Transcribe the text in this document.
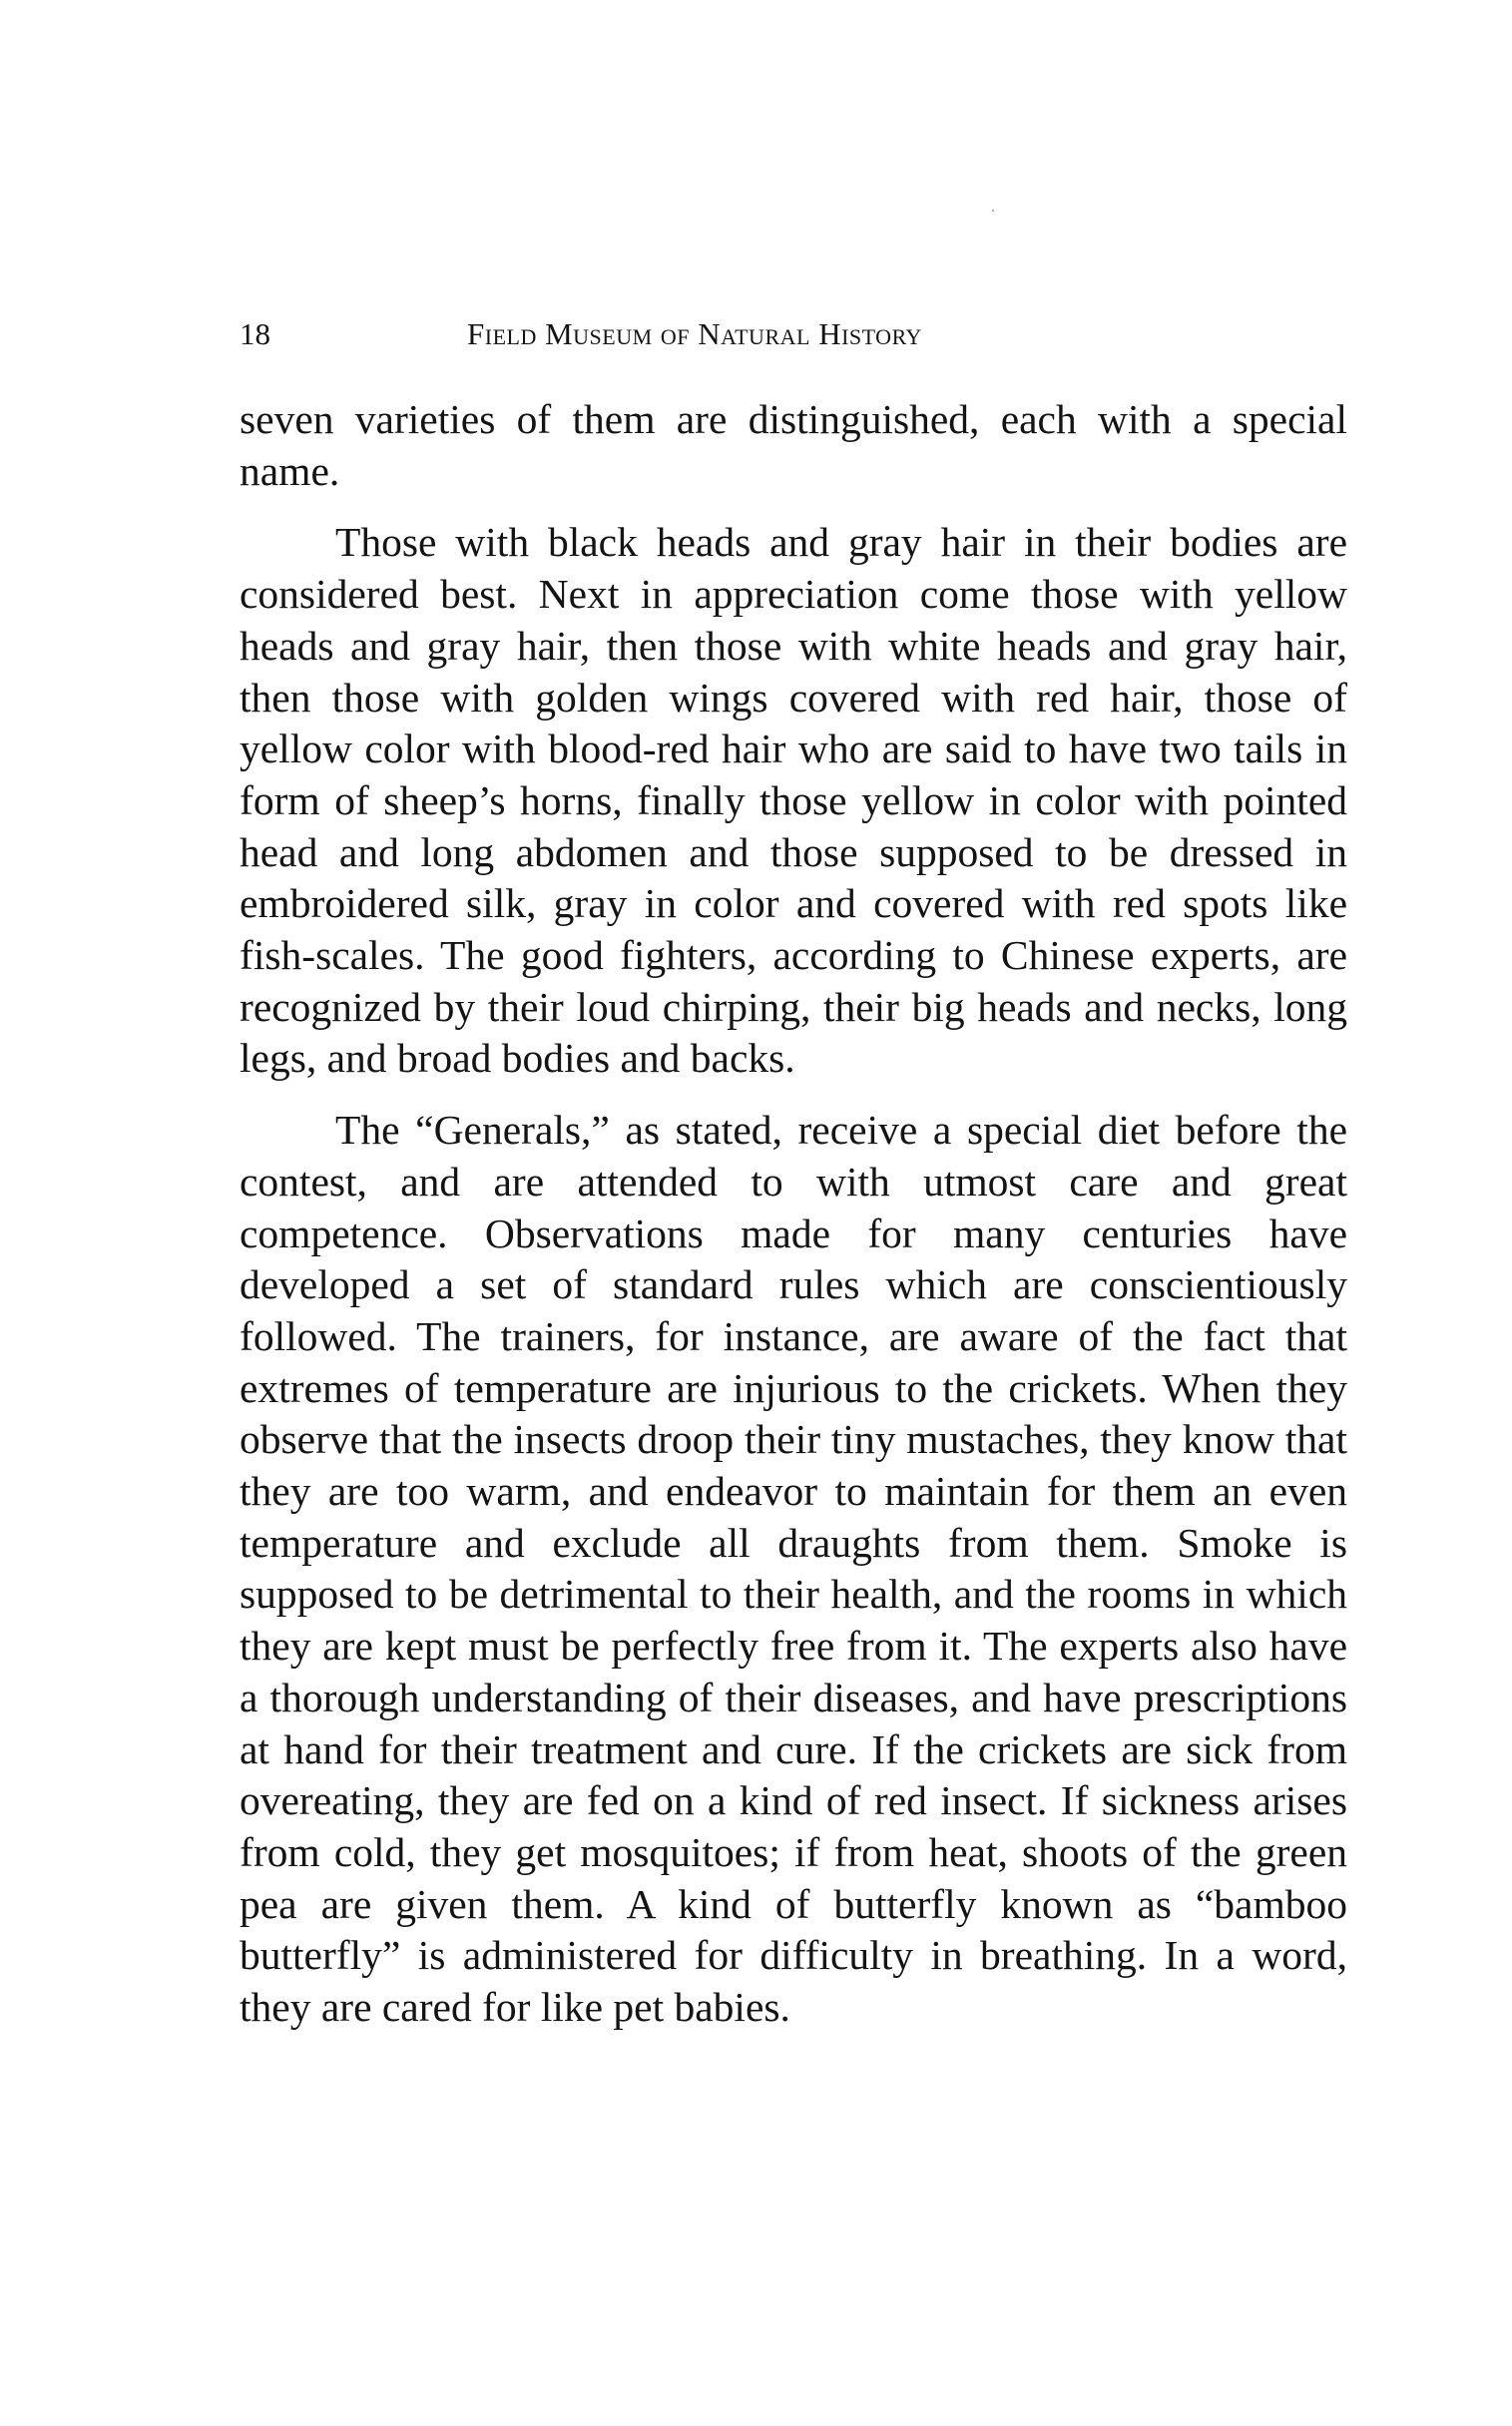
18	Field Museum of Natural History

seven varieties of them are distinguished, each with a special name.

Those with black heads and gray hair in their bodies are considered best. Next in appreciation come those with yellow heads and gray hair, then those with white heads and gray hair, then those with golden wings covered with red hair, those of yellow color with blood-red hair who are said to have two tails in form of sheep’s horns, finally those yellow in color with pointed head and long abdomen and those supposed to be dressed in embroidered silk, gray in color and covered with red spots like fish-scales. The good fighters, according to Chinese experts, are recognized by their loud chirping, their big heads and necks, long legs, and broad bodies and backs.

The “Generals,” as stated, receive a special diet before the contest, and are attended to with utmost care and great competence. Observations made for many centuries have developed a set of standard rules which are conscientiously followed. The trainers, for instance, are aware of the fact that extremes of temperature are injurious to the crickets. When they observe that the insects droop their tiny mustaches, they know that they are too warm, and endeavor to maintain for them an even temperature and exclude all draughts from them. Smoke is supposed to be detrimental to their health, and the rooms in which they are kept must be perfectly free from it. The experts also have a thorough understanding of their diseases, and have prescriptions at hand for their treatment and cure. If the crickets are sick from overeating, they are fed on a kind of red insect. If sickness arises from cold, they get mosquitoes; if from heat, shoots of the green pea are given them. A kind of butterfly known as “bamboo butterfly” is administered for difficulty in breathing. In a word, they are cared for like pet babies.
